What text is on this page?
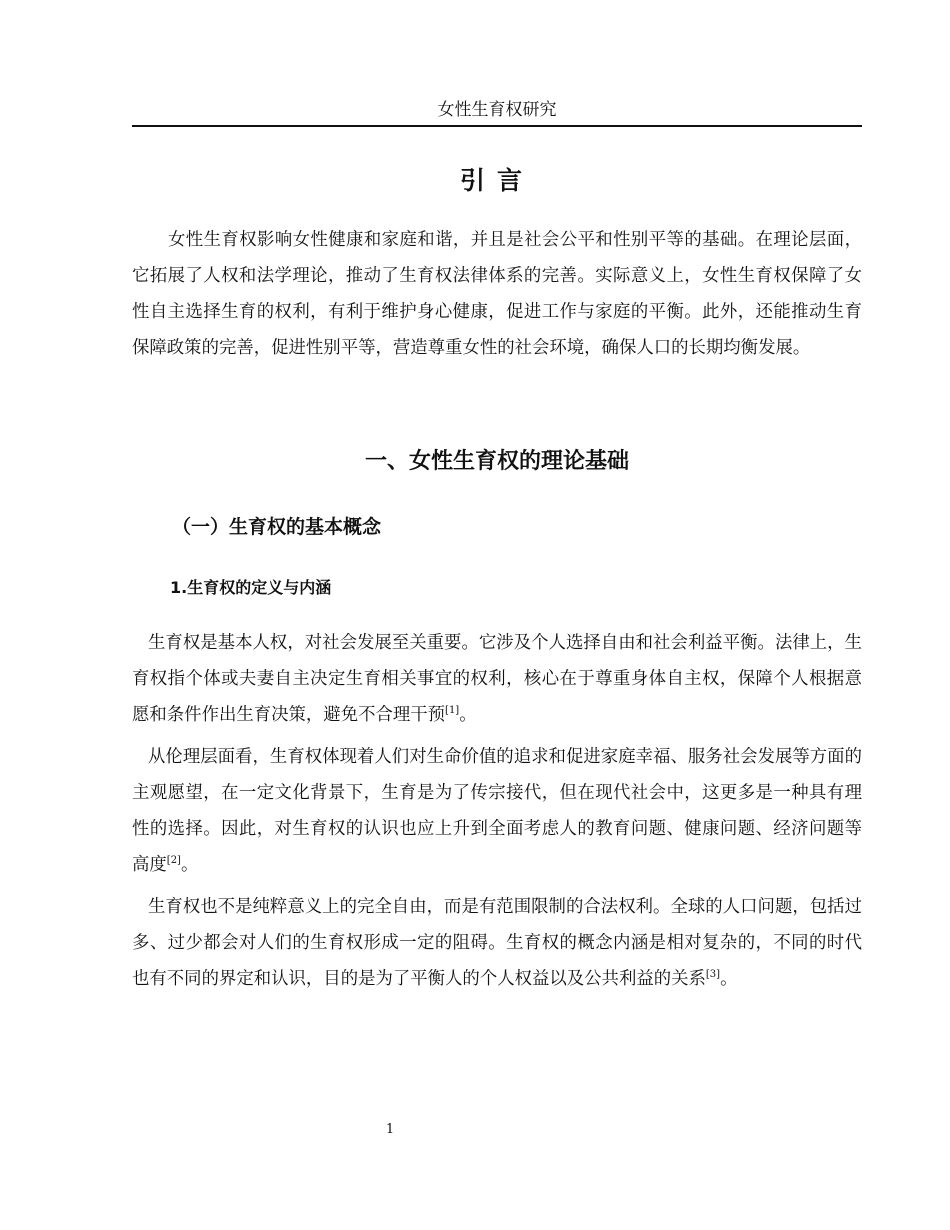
女性生育权研究
引言

女性生育权影响女性健康和家庭和谐，并且是社会公平和性别平等的基础。在理论层面，它拓展了人权和法学理论，推动了生育权法律体系的完善。实际意义上，女性生育权保障了女性自主选择生育的权利，有利于维护身心健康，促进工作与家庭的平衡。此外，还能推动生育保障政策的完善，促进性别平等，营造尊重女性的社会环境，确保人口的长期均衡发展。

一、女性生育权的理论基础
（一）生育权的基本概念
1.生育权的定义与内涵

生育权是基本人权，对社会发展至关重要。它涉及个人选择自由和社会利益平衡。法律上，生育权指个体或夫妻自主决定生育相关事宜的权利，核心在于尊重身体自主权，保障个人根据意愿和条件作出生育决策，避免不合理干预[1]。

从伦理层面看，生育权体现着人们对生命价值的追求和促进家庭幸福、服务社会发展等方面的主观愿望，在一定文化背景下，生育是为了传宗接代，但在现代社会中，这更多是一种具有理性的选择。因此，对生育权的认识也应上升到全面考虑人的教育问题、健康问题、经济问题等高度[2]。

生育权也不是纯粹意义上的完全自由，而是有范围限制的合法权利。全球的人口问题，包括过多、过少都会对人们的生育权形成一定的阻碍。生育权的概念内涵是相对复杂的，不同的时代也有不同的界定和认识，目的是为了平衡人的个人权益以及公共利益的关系[3]。

1
